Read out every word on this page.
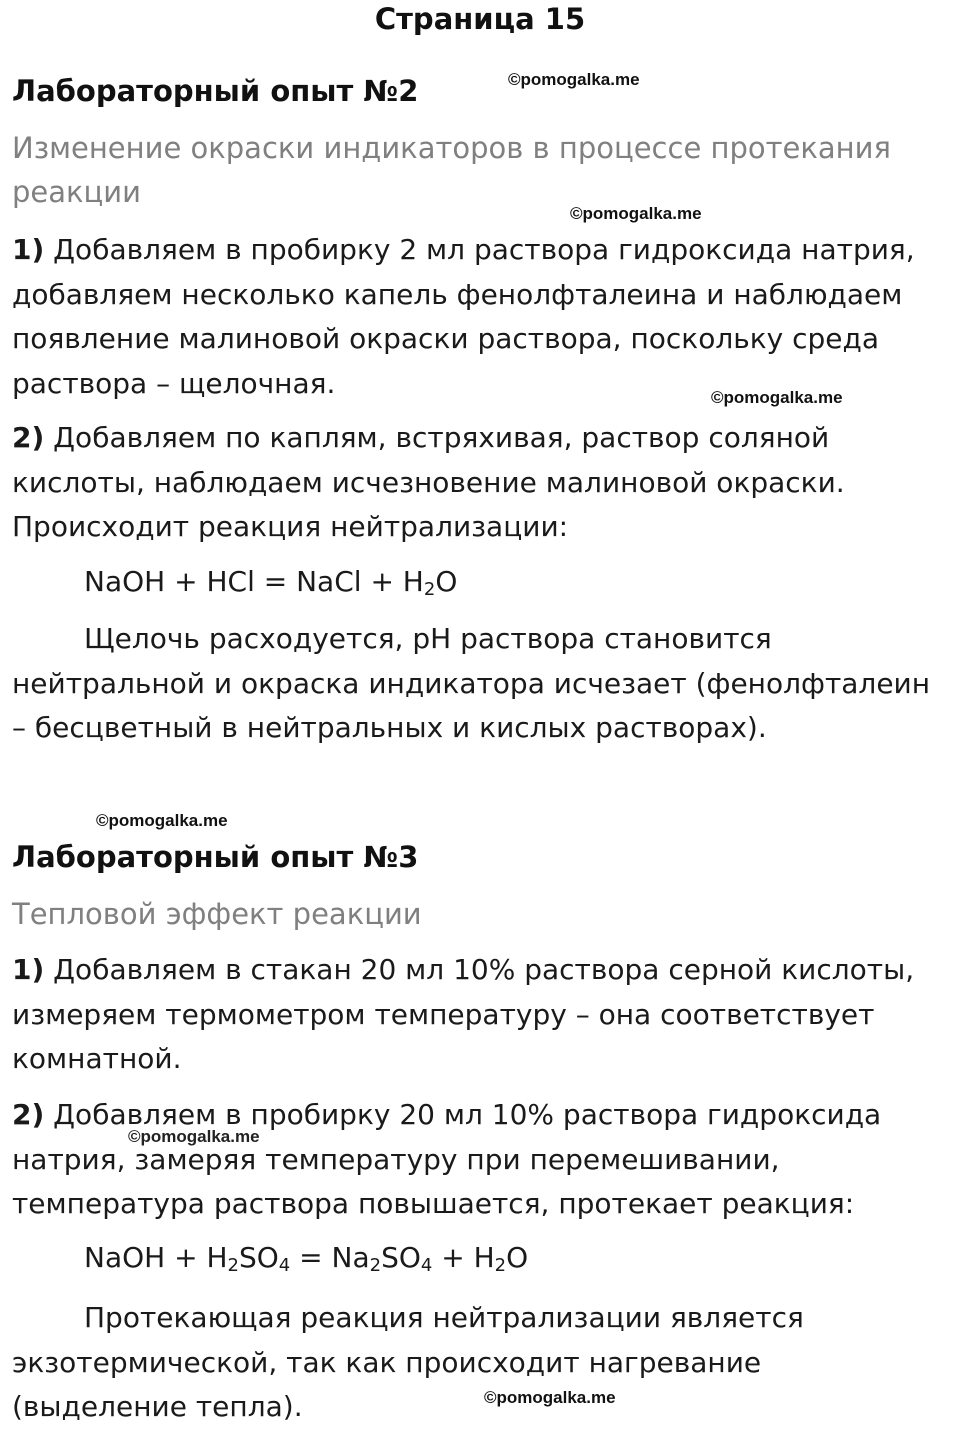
Страница 15
Лабораторный опыт №2	©pomogalka.me
Изменение окраски индикаторов в процессе протекания
реакции
©pomogalka.me
1) Добавляем в пробирку 2 мл раствора гидроксида натрия,
добавляем несколько капель фенолфталеина и наблюдаем
появление малиновой окраски раствора, поскольку среда
раствора – щелочная.	©pomogalka.me
2) Добавляем по каплям, встряхивая, раствор соляной
кислоты, наблюдаем исчезновение малиновой окраски.
Происходит реакция нейтрализации:
NaOH + HCl = NaCl + $H_2O$
Щелочь расходуется, pH раствора становится
нейтральной и окраска индикатора исчезает (фенолфталеин
– бесцветный в нейтральных и кислых растворах).
©pomogalka.me
Лабораторный опыт №3
Тепловой эффект реакции
1) Добавляем в стакан 20 мл 10% раствора серной кислоты,
измеряем термометром температуру – она соответствует
комнатной.
2) Добавляем в пробирку 20 мл 10% раствора гидроксида
натрия, замеряя температуру при перемешивании,
температура раствора повышается, протекает реакция:
©pomogalka.me
NaOH + $H_2SO_4 = Na_2SO_4 + H_2O$
Протекающая реакция нейтрализации является
экзотермической, так как происходит нагревание
(выделение тепла).	©pomogalka.me
